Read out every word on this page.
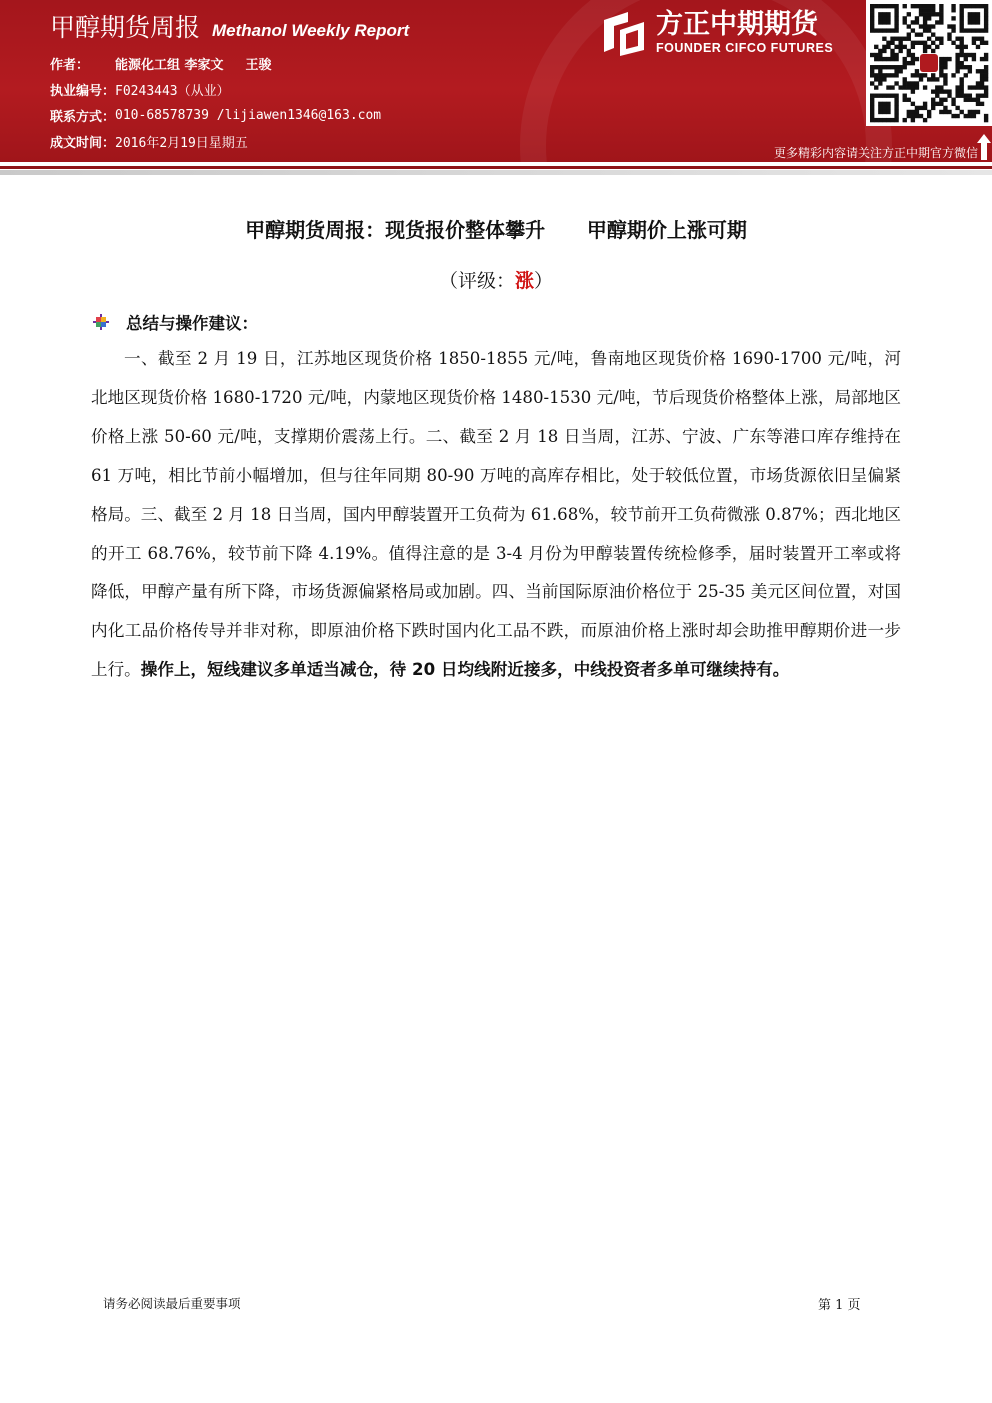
甲醇期货周报 Methanol Weekly Report
作者： 能源化工组 李家文 王骏
执业编号： F0243443（从业）
联系方式： 010-68578739 /lijiawen1346@163.com
成文时间： 2016年2月19日星期五
方正中期期货
FOUNDER CIFCO FUTURES
更多精彩内容请关注方正中期官方微信
甲醇期货周报：现货报价整体攀升      甲醇期价上涨可期
（评级：涨）
总结与操作建议：
一、截至 2 月 19 日，江苏地区现货价格 1850-1855 元/吨，鲁南地区现货价格 1690-1700 元/吨，河北地区现货价格 1680-1720 元/吨，内蒙地区现货价格 1480-1530 元/吨，节后现货价格整体上涨，局部地区价格上涨 50-60 元/吨，支撑期价震荡上行。二、截至 2 月 18 日当周，江苏、宁波、广东等港口库存维持在 61 万吨，相比节前小幅增加，但与往年同期 80-90 万吨的高库存相比，处于较低位置，市场货源依旧呈偏紧格局。三、截至 2 月 18 日当周，国内甲醇装置开工负荷为 61.68%，较节前开工负荷微涨 0.87%；西北地区的开工 68.76%，较节前下降 4.19%。值得注意的是 3-4 月份为甲醇装置传统检修季，届时装置开工率或将降低，甲醇产量有所下降，市场货源偏紧格局或加剧。四、当前国际原油价格位于 25-35 美元区间位置，对国内化工品价格传导并非对称，即原油价格下跌时国内化工品不跌，而原油价格上涨时却会助推甲醇期价进一步上行。操作上，短线建议多单适当减仓，待 20 日均线附近接多，中线投资者多单可继续持有。
请务必阅读最后重要事项	第 1 页
